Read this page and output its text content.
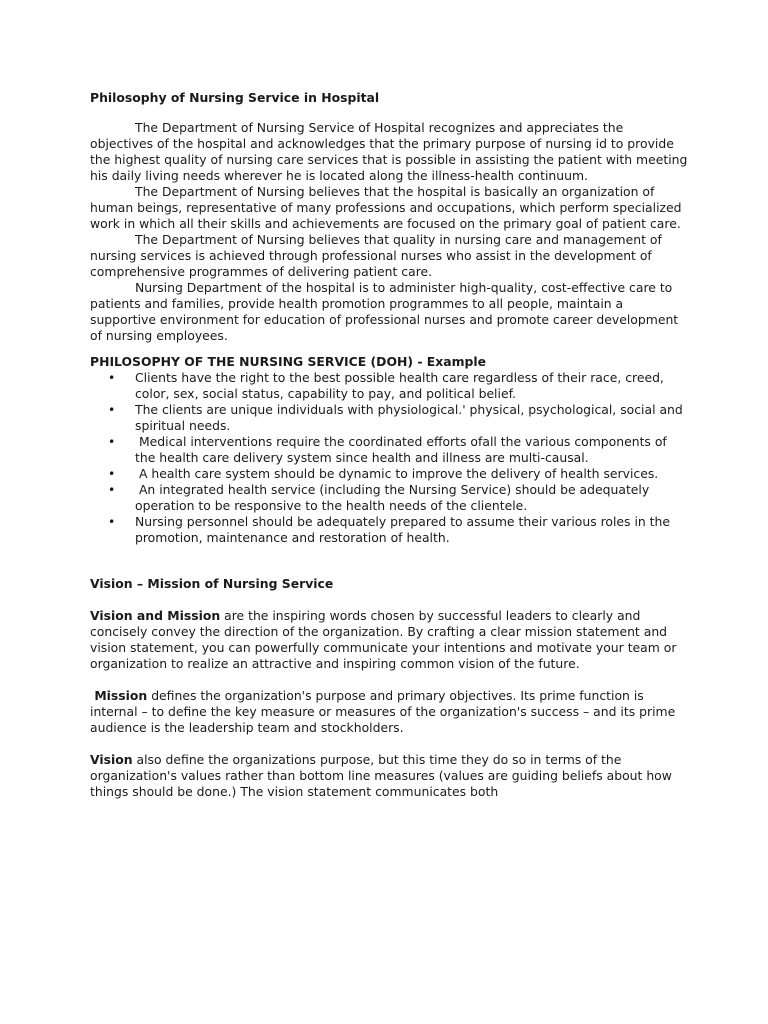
Philosophy of Nursing Service in Hospital

The Department of Nursing Service of Hospital recognizes and appreciates the objectives of the hospital and acknowledges that the primary purpose of nursing id to provide the highest quality of nursing care services that is possible in assisting the patient with meeting his daily living needs wherever he is located along the illness-health continuum.

The Department of Nursing believes that the hospital is basically an organization of human beings, representative of many professions and occupations, which perform specialized work in which all their skills and achievements are focused on the primary goal of patient care.

The Department of Nursing believes that quality in nursing care and management of nursing services is achieved through professional nurses who assist in the development of comprehensive programmes of delivering patient care.

Nursing Department of the hospital is to administer high-quality, cost-effective care to patients and families, provide health promotion programmes to all people, maintain a supportive environment for education of professional nurses and promote career development of nursing employees.

PHILOSOPHY OF THE NURSING SERVICE (DOH) - Example

• Clients have the right to the best possible health care regardless of their race, creed, color, sex, social status, capability to pay, and political belief.
• The clients are unique individuals with physiological.' physical, psychological, social and spiritual needs.
• Medical interventions require the coordinated efforts ofall the various components of the health care delivery system since health and illness are multi-causal.
• A health care system should be dynamic to improve the delivery of health services.
• An integrated health service (including the Nursing Service) should be adequately operation to be responsive to the health needs of the clientele.
• Nursing personnel should be adequately prepared to assume their various roles in the promotion, maintenance and restoration of health.

Vision – Mission of Nursing Service

Vision and Mission are the inspiring words chosen by successful leaders to clearly and concisely convey the direction of the organization. By crafting a clear mission statement and vision statement, you can powerfully communicate your intentions and motivate your team or organization to realize an attractive and inspiring common vision of the future.

Mission defines the organization's purpose and primary objectives. Its prime function is internal – to define the key measure or measures of the organization's success – and its prime audience is the leadership team and stockholders.

Vision also define the organizations purpose, but this time they do so in terms of the organization's values rather than bottom line measures (values are guiding beliefs about how things should be done.) The vision statement communicates both
